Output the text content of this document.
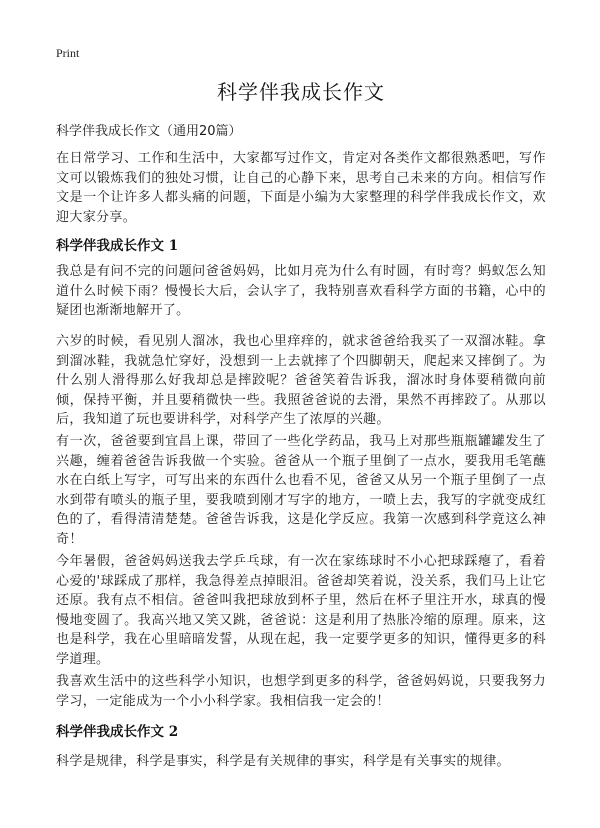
Print
科学伴我成长作文

科学伴我成长作文（通用20篇）

在日常学习、工作和生活中，大家都写过作文，肯定对各类作文都很熟悉吧，写作文可以锻炼我们的独处习惯，让自己的心静下来，思考自己未来的方向。相信写作文是一个让许多人都头痛的问题，下面是小编为大家整理的科学伴我成长作文，欢迎大家分享。

科学伴我成长作文 1

我总是有问不完的问题问爸爸妈妈，比如月亮为什么有时圆，有时弯？蚂蚁怎么知道什么时候下雨？慢慢长大后，会认字了，我特别喜欢看科学方面的书籍，心中的疑团也渐渐地解开了。

六岁的时候，看见别人溜冰，我也心里痒痒的，就求爸爸给我买了一双溜冰鞋。拿到溜冰鞋，我就急忙穿好，没想到一上去就摔了个四脚朝天，爬起来又摔倒了。为什么别人滑得那么好我却总是摔跤呢？爸爸笑着告诉我，溜冰时身体要稍微向前倾，保持平衡，并且要稍微快一些。我照爸爸说的去滑，果然不再摔跤了。从那以后，我知道了玩也要讲科学，对科学产生了浓厚的兴趣。

有一次，爸爸要到宜昌上课，带回了一些化学药品，我马上对那些瓶瓶罐罐发生了兴趣，缠着爸爸告诉我做一个实验。爸爸从一个瓶子里倒了一点水，要我用毛笔蘸水在白纸上写字，可写出来的东西什么也看不见，爸爸又从另一个瓶子里倒了一点水到带有喷头的瓶子里，要我喷到刚才写字的地方，一喷上去，我写的字就变成红色的了，看得清清楚楚。爸爸告诉我，这是化学反应。我第一次感到科学竟这么神奇！

今年暑假，爸爸妈妈送我去学乒乓球，有一次在家练球时不小心把球踩瘪了，看着心爱的'球踩成了那样，我急得差点掉眼泪。爸爸却笑着说，没关系，我们马上让它还原。我有点不相信。爸爸叫我把球放到杯子里，然后在杯子里注开水，球真的慢慢地变圆了。我高兴地又笑又跳，爸爸说：这是利用了热胀冷缩的原理。原来，这也是科学，我在心里暗暗发誓，从现在起，我一定要学更多的知识，懂得更多的科学道理。

我喜欢生活中的这些科学小知识，也想学到更多的科学，爸爸妈妈说，只要我努力学习，一定能成为一个小小科学家。我相信我一定会的！

科学伴我成长作文 2

科学是规律，科学是事实，科学是有关规律的事实，科学是有关事实的规律。
